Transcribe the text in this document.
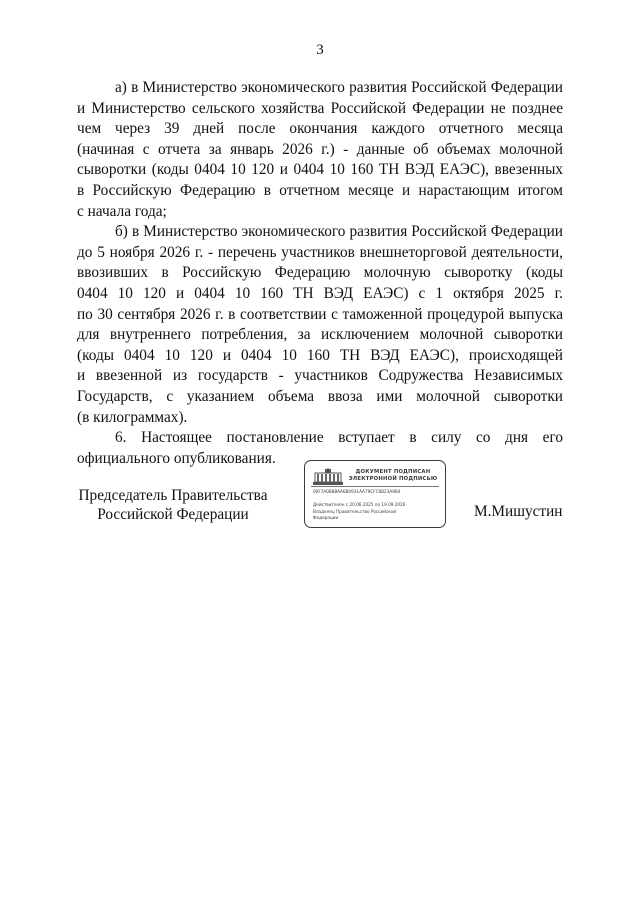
3
а) в Министерство экономического развития Российской Федерации
и Министерство сельского хозяйства Российской Федерации не позднее
чем через 39 дней после окончания каждого отчетного месяца
(начиная с отчета за январь 2026 г.) - данные об объемах молочной
сыворотки (коды 0404 10 120 и 0404 10 160 ТН ВЭД ЕАЭС), ввезенных
в Российскую Федерацию в отчетном месяце и нарастающим итогом
с начала года;
б) в Министерство экономического развития Российской Федерации
до 5 ноября 2026 г. - перечень участников внешнеторговой деятельности,
ввозивших в Российскую Федерацию молочную сыворотку (коды
0404 10 120 и 0404 10 160 ТН ВЭД ЕАЭС) с 1 октября 2025 г.
по 30 сентября 2026 г. в соответствии с таможенной процедурой выпуска
для внутреннего потребления, за исключением молочной сыворотки
(коды 0404 10 120 и 0404 10 160 ТН ВЭД ЕАЭС), происходящей
и ввезенной из государств - участников Содружества Независимых
Государств, с указанием объема ввоза ими молочной сыворотки
(в килограммах).
6. Настоящее постановление вступает в силу со дня его
официального опубликования.
Председатель Правительства
Российской Федерации
ДОКУМЕНТ ПОДПИСАН
ЭЛЕКТРОННОЙ ПОДПИСЬЮ
00F7A0B8B6A6B0931AA79CFC6B23A9B4
Действителен с 20.06.2025 по 19.09.2026
Владелец Правительство Российской
Федерации	М.Мишустин
